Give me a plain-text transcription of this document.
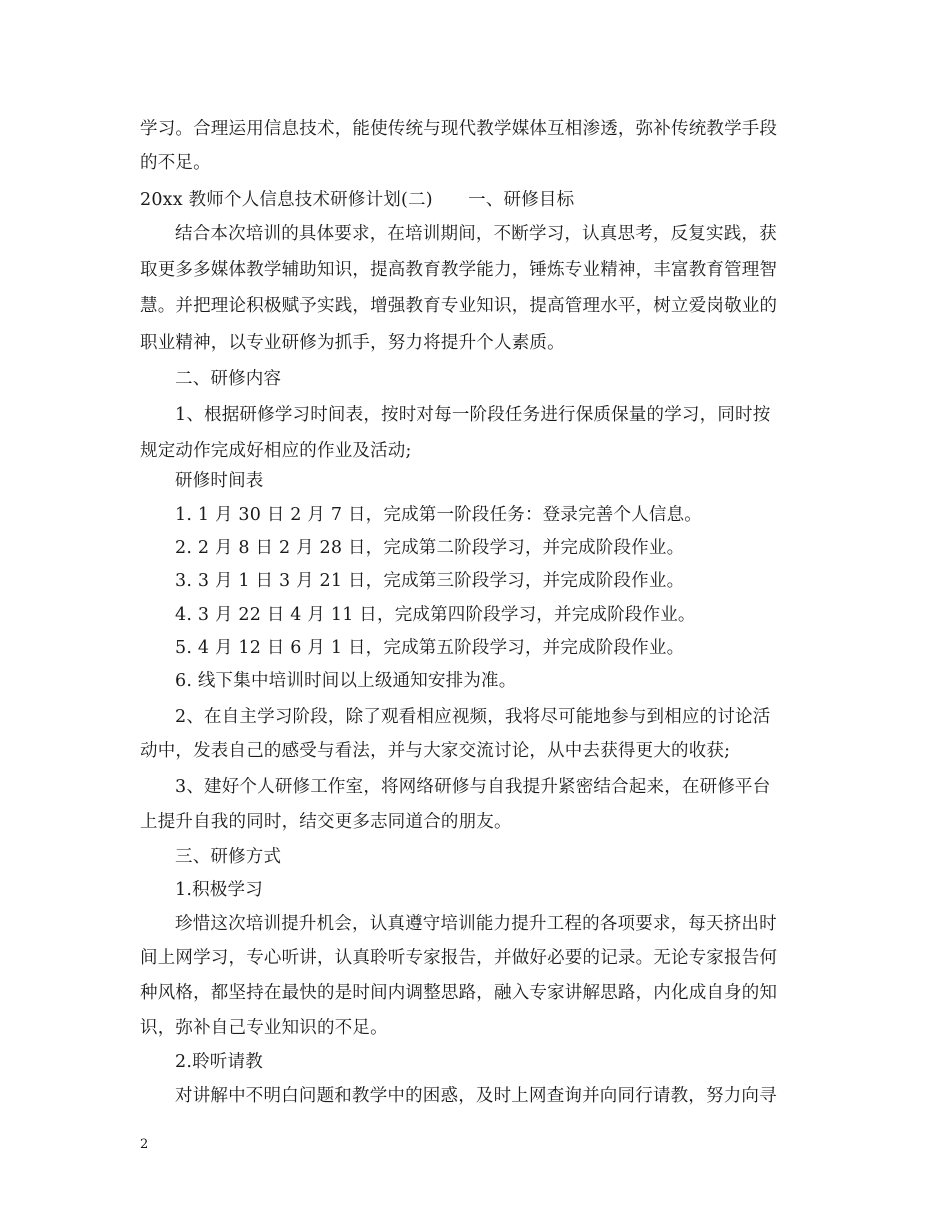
学习。合理运用信息技术，能使传统与现代教学媒体互相渗透，弥补传统教学手段
的不足。
20xx 教师个人信息技术研修计划(二)　　一、研修目标
结合本次培训的具体要求，在培训期间，不断学习，认真思考，反复实践，获
取更多多媒体教学辅助知识，提高教育教学能力，锤炼专业精神，丰富教育管理智
慧。并把理论积极赋予实践，增强教育专业知识，提高管理水平，树立爱岗敬业的
职业精神，以专业研修为抓手，努力将提升个人素质。
二、研修内容
1、根据研修学习时间表，按时对每一阶段任务进行保质保量的学习，同时按
规定动作完成好相应的作业及活动;
研修时间表
1. 1 月 30 日 2 月 7 日，完成第一阶段任务：登录完善个人信息。
2. 2 月 8 日 2 月 28 日，完成第二阶段学习，并完成阶段作业。
3. 3 月 1 日 3 月 21 日，完成第三阶段学习，并完成阶段作业。
4. 3 月 22 日 4 月 11 日，完成第四阶段学习，并完成阶段作业。
5. 4 月 12 日 6 月 1 日，完成第五阶段学习，并完成阶段作业。
6. 线下集中培训时间以上级通知安排为准。
2、在自主学习阶段，除了观看相应视频，我将尽可能地参与到相应的讨论活
动中，发表自己的感受与看法，并与大家交流讨论，从中去获得更大的收获;
3、建好个人研修工作室，将网络研修与自我提升紧密结合起来，在研修平台
上提升自我的同时，结交更多志同道合的朋友。
三、研修方式
1.积极学习
珍惜这次培训提升机会，认真遵守培训能力提升工程的各项要求，每天挤出时
间上网学习，专心听讲，认真聆听专家报告，并做好必要的记录。无论专家报告何
种风格，都坚持在最快的是时间内调整思路，融入专家讲解思路，内化成自身的知
识，弥补自己专业知识的不足。
2.聆听请教
对讲解中不明白问题和教学中的困惑，及时上网查询并向同行请教，努力向寻
2
